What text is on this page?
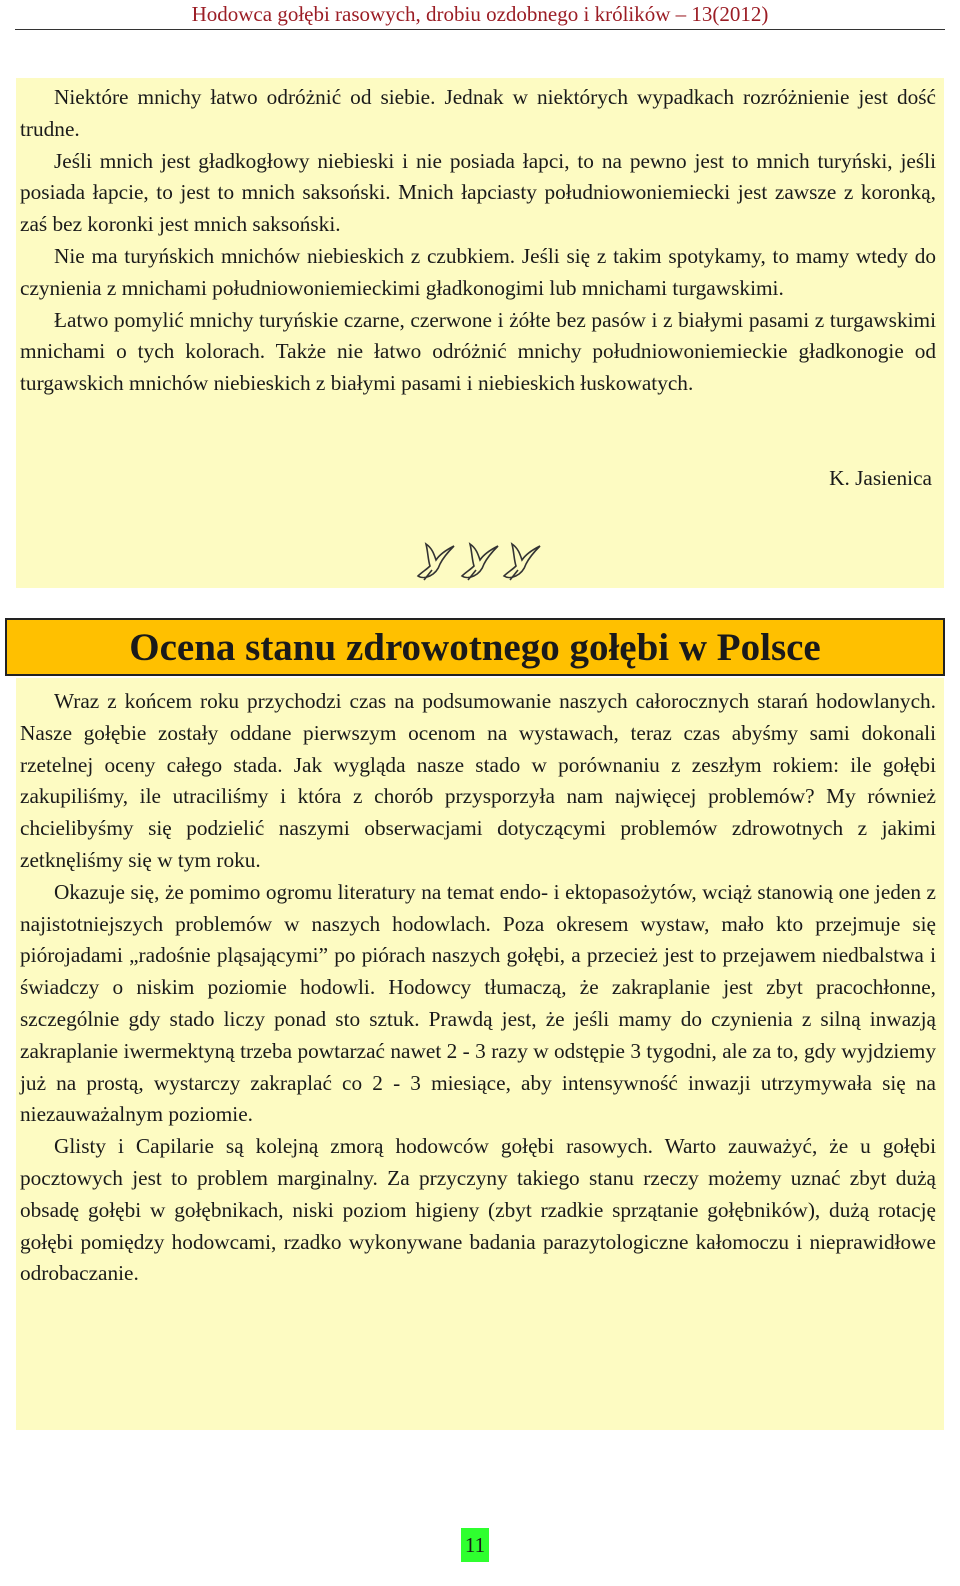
Hodowca gołębi rasowych, drobiu ozdobnego i królików – 13(2012)

Niektóre mnichy łatwo odróżnić od siebie. Jednak w niektórych wypadkach rozróżnienie jest dość trudne.

Jeśli mnich jest gładkogłowy niebieski i nie posiada łapci, to na pewno jest to mnich turyński, jeśli posiada łapcie, to jest to mnich saksoński. Mnich łapciasty południowoniemiecki jest zawsze z koronką, zaś bez koronki jest mnich saksoński.

Nie ma turyńskich mnichów niebieskich z czubkiem. Jeśli się z takim spotykamy, to mamy wtedy do czynienia z mnichami południowoniemieckimi gładkonogimi lub mnichami turgawskimi.

Łatwo pomylić mnichy turyńskie czarne, czerwone i żółte bez pasów i z białymi pasami z turgawskimi mnichami o tych kolorach. Także nie łatwo odróżnić mnichy południowoniemieckie gładkonogie od turgawskich mnichów niebieskich z białymi pasami i niebieskich łuskowatych.

K. Jasienica
Ocena stanu zdrowotnego gołębi w Polsce

Wraz z końcem roku przychodzi czas na podsumowanie naszych całorocznych starań hodowlanych. Nasze gołębie zostały oddane pierwszym ocenom na wystawach, teraz czas abyśmy sami dokonali rzetelnej oceny całego stada. Jak wygląda nasze stado w porównaniu z zeszłym rokiem: ile gołębi zakupiliśmy, ile utraciliśmy i która z chorób przysporzyła nam najwięcej problemów? My również chcielibyśmy się podzielić naszymi obserwacjami dotyczącymi problemów zdrowotnych z jakimi zetknęliśmy się w tym roku.

Okazuje się, że pomimo ogromu literatury na temat endo- i ektopasożytów, wciąż stanowią one jeden z najistotniejszych problemów w naszych hodowlach. Poza okresem wystaw, mało kto przejmuje się piórojadami „radośnie pląsającymi” po piórach naszych gołębi, a przecież jest to przejawem niedbalstwa i świadczy o niskim poziomie hodowli. Hodowcy tłumaczą, że zakraplanie jest zbyt pracochłonne, szczególnie gdy stado liczy ponad sto sztuk. Prawdą jest, że jeśli mamy do czynienia z silną inwazją zakraplanie iwermektyną trzeba powtarzać nawet 2 - 3 razy w odstępie 3 tygodni, ale za to, gdy wyjdziemy już na prostą, wystarczy zakraplać co 2 - 3 miesiące, aby intensywność inwazji utrzymywała się na niezauważalnym poziomie.

Glisty i Capilarie są kolejną zmorą hodowców gołębi rasowych. Warto zauważyć, że u gołębi pocztowych jest to problem marginalny. Za przyczyny takiego stanu rzeczy możemy uznać zbyt dużą obsadę gołębi w gołębnikach, niski poziom higieny (zbyt rzadkie sprzątanie gołębników), dużą rotację gołębi pomiędzy hodowcami, rzadko wykonywane badania parazytologiczne kałomoczu i nieprawidłowe odrobaczanie.

11
